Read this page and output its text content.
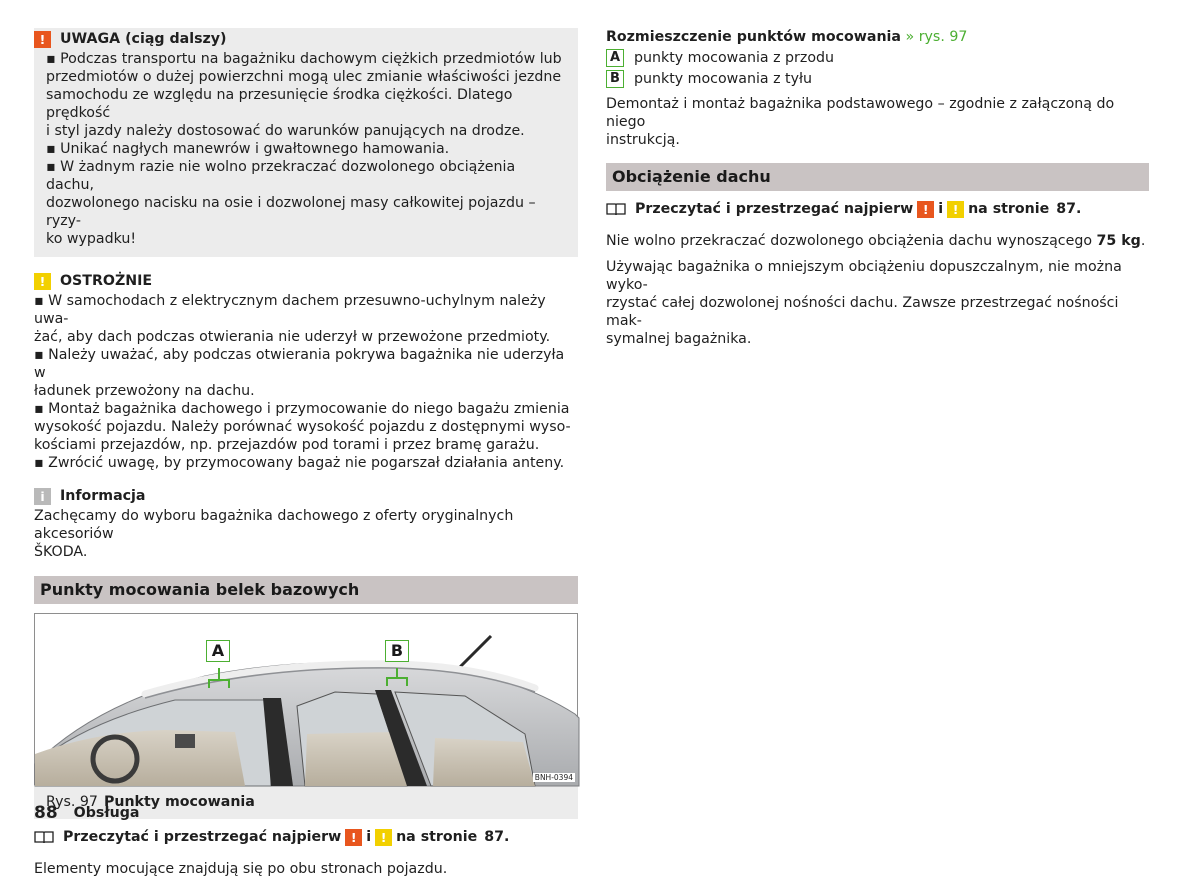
!	UWAGA (ciąg dalszy)

▪ Podczas transportu na bagażniku dachowym ciężkich przedmiotów lub

przedmiotów o dużej powierzchni mogą ulec zmianie właściwości jezdne

samochodu ze względu na przesunięcie środka ciężkości. Dlatego prędkość

i styl jazdy należy dostosować do warunków panujących na drodze.

▪ Unikać nagłych manewrów i gwałtownego hamowania.

▪ W żadnym razie nie wolno przekraczać dozwolonego obciążenia dachu,

dozwolonego nacisku na osie i dozwolonej masy całkowitej pojazdu – ryzy-

ko wypadku!

!	OSTROŻNIE

▪ W samochodach z elektrycznym dachem przesuwno-uchylnym należy uwa-

żać, aby dach podczas otwierania nie uderzył w przewożone przedmioty.

▪ Należy uważać, aby podczas otwierania pokrywa bagażnika nie uderzyła w

ładunek przewożony na dachu.

▪ Montaż bagażnika dachowego i przymocowanie do niego bagażu zmienia

wysokość pojazdu. Należy porównać wysokość pojazdu z dostępnymi wyso-

kościami przejazdów, np. przejazdów pod torami i przez bramę garażu.

▪ Zwrócić uwagę, by przymocowany bagaż nie pogarszał działania anteny.

i	Informacja

Zachęcamy do wyboru bagażnika dachowego z oferty oryginalnych akcesoriów

ŠKODA.

Punkty mocowania belek bazowych
A	B
BNH-0394
Rys. 97 Punkty mocowania
Przeczytać i przestrzegać najpierw ! i ! na stronie 87.

Elementy mocujące znajdują się po obu stronach pojazdu.

Rozmieszczenie punktów mocowania » rys. 97

A punkty mocowania z przodu
B punkty mocowania z tyłu

Demontaż i montaż bagażnika podstawowego – zgodnie z załączoną do niego

instrukcją.

Obciążenie dachu
Przeczytać i przestrzegać najpierw ! i ! na stronie 87.

Nie wolno przekraczać dozwolonego obciążenia dachu wynoszącego 75 kg.

Używając bagażnika o mniejszym obciążeniu dopuszczalnym, nie można wyko-

rzystać całej dozwolonej nośności dachu. Zawsze przestrzegać nośności mak-

symalnej bagażnika.

88 Obsługa
